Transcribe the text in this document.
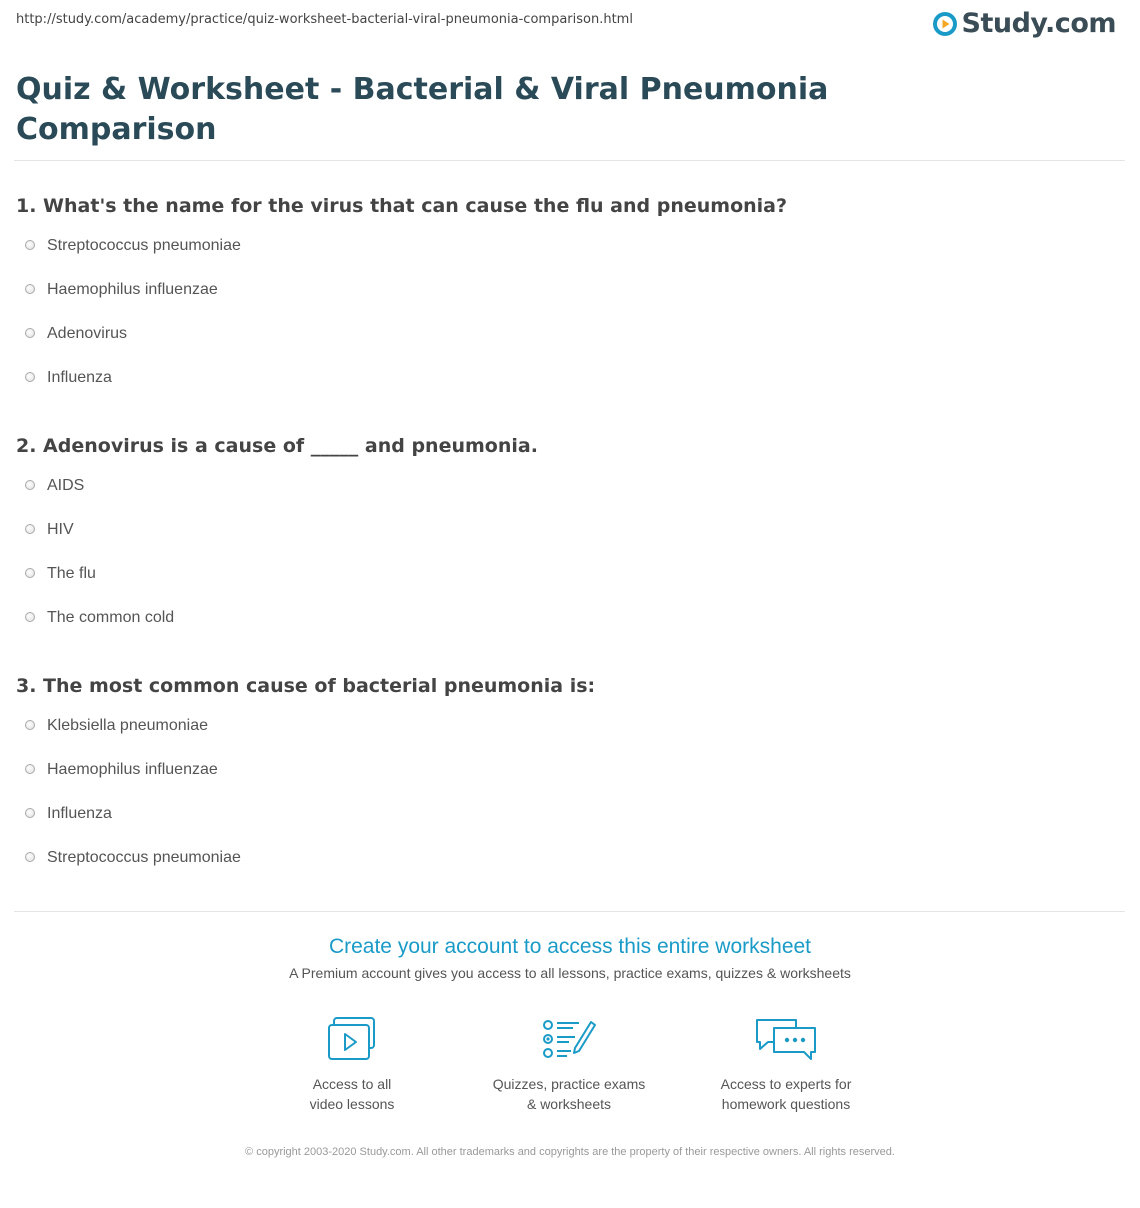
http://study.com/academy/practice/quiz-worksheet-bacterial-viral-pneumonia-comparison.html	Study.com
Quiz & Worksheet - Bacterial & Viral Pneumonia Comparison
1. What's the name for the virus that can cause the flu and pneumonia?
Streptococcus pneumoniae
Haemophilus influenzae
Adenovirus
Influenza
2. Adenovirus is a cause of _____ and pneumonia.
AIDS
HIV
The flu
The common cold
3. The most common cause of bacterial pneumonia is:
Klebsiella pneumoniae
Haemophilus influenzae
Influenza
Streptococcus pneumoniae
Create your account to access this entire worksheet
A Premium account gives you access to all lessons, practice exams, quizzes & worksheets
Access to all
video lessons
Quizzes, practice exams
& worksheets
Access to experts for
homework questions
© copyright 2003-2020 Study.com. All other trademarks and copyrights are the property of their respective owners. All rights reserved.
